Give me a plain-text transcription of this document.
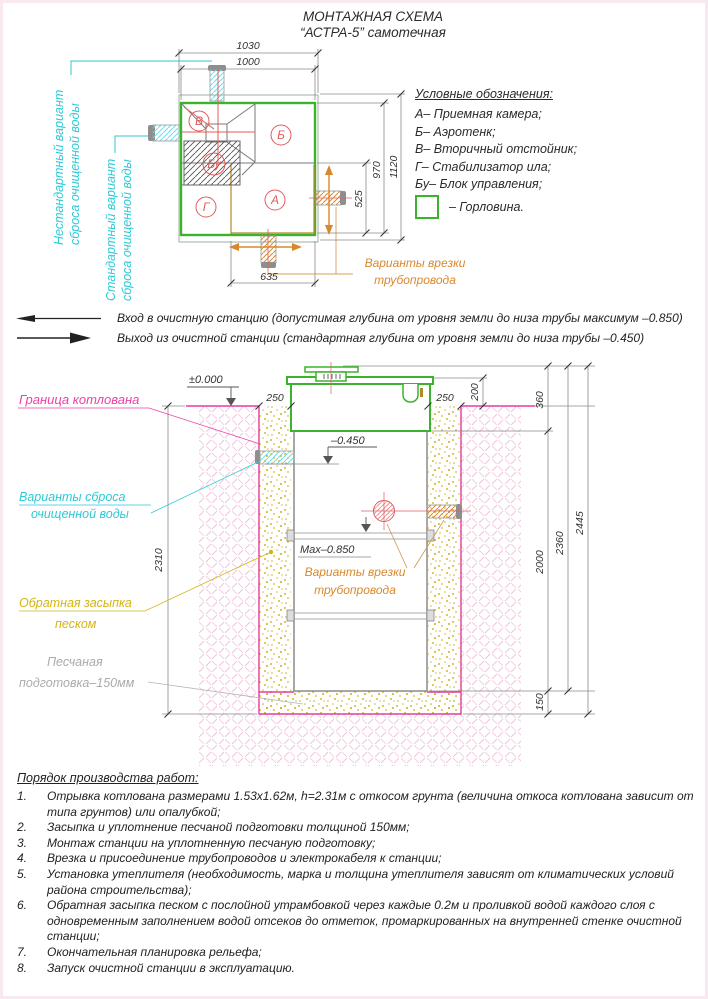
МОНТАЖНАЯ СХЕМА
“АСТРА-5” самотечная
Нестандартный вариант сброса очищенной воды Стандартный вариант сброса очищенной воды
В
Б
Бу
Г	А
Варианты врезки
трубопровода
1030
1000
1120
970
525
635
Условные обозначения:
А– Приемная камера;
Б– Аэротенк;
В– Вторичный отстойник;
Г– Стабилизатор ила;
Бу– Блок управления;
– Горловина.
Вход в очистную станцию (допустимая глубина от уровня земли до низа трубы максимум –0.850)
Выход из очистной станции (стандартная глубина от уровня земли до низа трубы –0.450)
–0.450
±0.000
Max–0.850
Варианты врезки
трубопровода
Граница котлована
Варианты сброса
очищенной воды
Обратная засыпка
песком
Песчаная
подготовка–150мм
250	250 200	360
2000
150
2360
2445
2310
Порядок производства работ:
1.	Отрывка котлована размерами 1.53х1.62м, h=2.31м с откосом грунта (величина откоса котлована зависит от типа грунтов) или опалубкой;
2.	Засыпка и уплотнение песчаной подготовки толщиной 150мм;
3.	Монтаж станции на уплотненную песчаную подготовку;
4.	Врезка и присоединение трубопроводов и электрокабеля к станции;
5.	Установка утеплителя (необходимость, марка и толщина утеплителя зависят от климатических условий района строительства);
6.	Обратная засыпка песком с послойной утрамбовкой через каждые 0.2м и проливкой водой каждого слоя с одновременным заполнением водой отсеков до отметок, промаркированных на внутренней стенке очистной станции;
7.	Окончательная планировка рельефа;
8.	Запуск очистной станции в эксплуатацию.
